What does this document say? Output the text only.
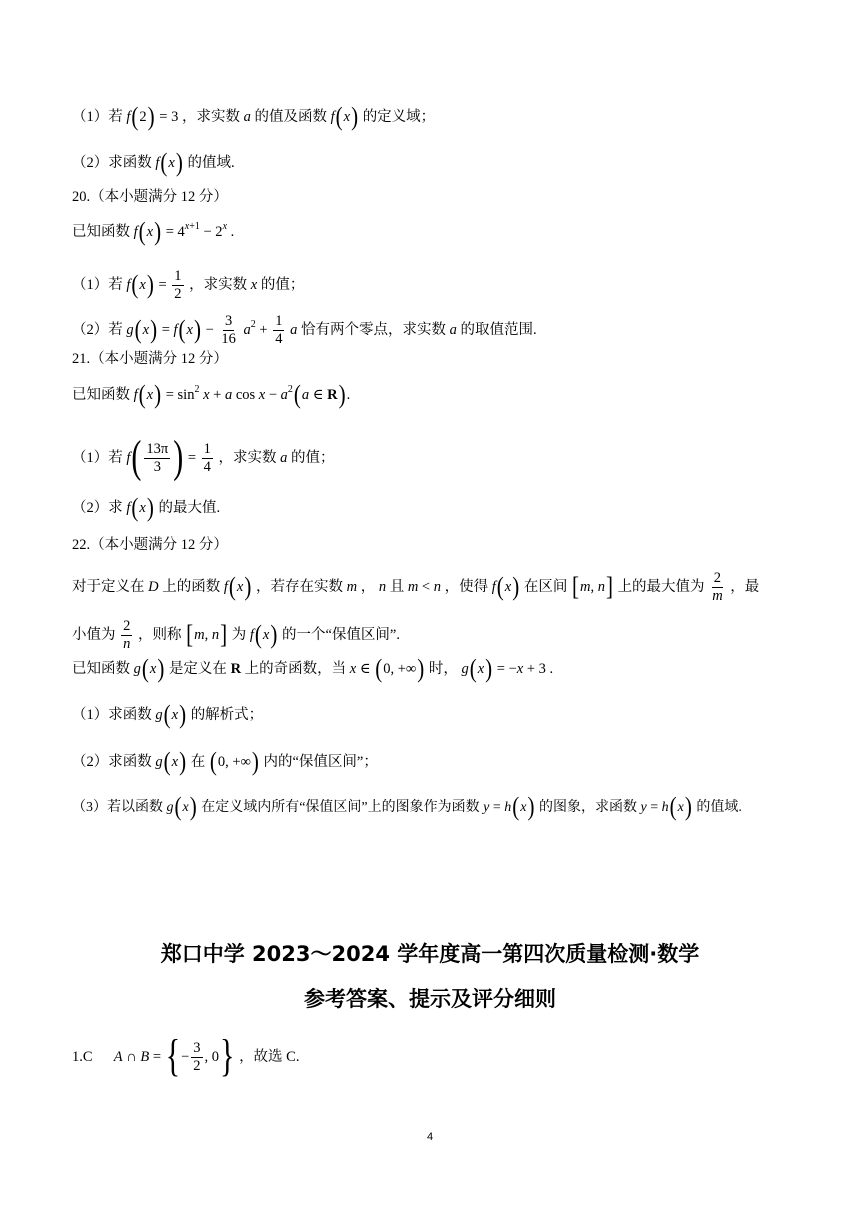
（1）若 f(2) = 3 ，求实数 a 的值及函数 f(x) 的定义域；
（2）求函数 f(x) 的值域.
20.（本小题满分 12 分）
已知函数 $f(x) = 4^{x+1} - 2^x$ .
（1）若 $f(x) = \frac{1}{2}$ ，求实数 x 的值；
（2）若 $g(x) = f(x) - \frac{3}{16} a^2 + \frac{1}{4}$ a 恰有两个零点，求实数 a 的取值范围.
21.（本小题满分 12 分）
已知函数 $f(x) = \sin^2 x + a$ $\cos x - a^2(a$ ∈ R).
（1）若 $f( \frac{13\pi}{3}$ ) = $\frac{1}{4}$ ，求实数 a 的值；
（2）求 f(x) 的最大值.
22.（本小题满分 12 分）
对于定义在 D 上的函数 f(x) ，若存在实数 m ， n 且 m < n ，使得 f(x) 在区间 [m, n] 上的最大值为 $\frac{2}{m}$ ，最
小值为 $\frac{2}{n}$ ，则称 [m, n] 为 f(x) 的一个“保值区间”.
已知函数 g(x) 是定义在 R 上的奇函数，当 x ∈ (0, +∞) 时， g(x) = −x + 3 .
（1）求函数 g(x) 的解析式；
（2）求函数 g(x) 在 (0, +∞) 内的“保值区间”；
（3）若以函数 g(x) 在定义域内所有“保值区间”上的图象作为函数 y = h(x) 的图象，求函数 y = h(x) 的值域.
郑口中学 2023～2024 学年度高一第四次质量检测·数学
参考答案、提示及评分细则
1.C A ∩ B = {− $\frac{3}{2}$ , 0} ，故选 C.
4
